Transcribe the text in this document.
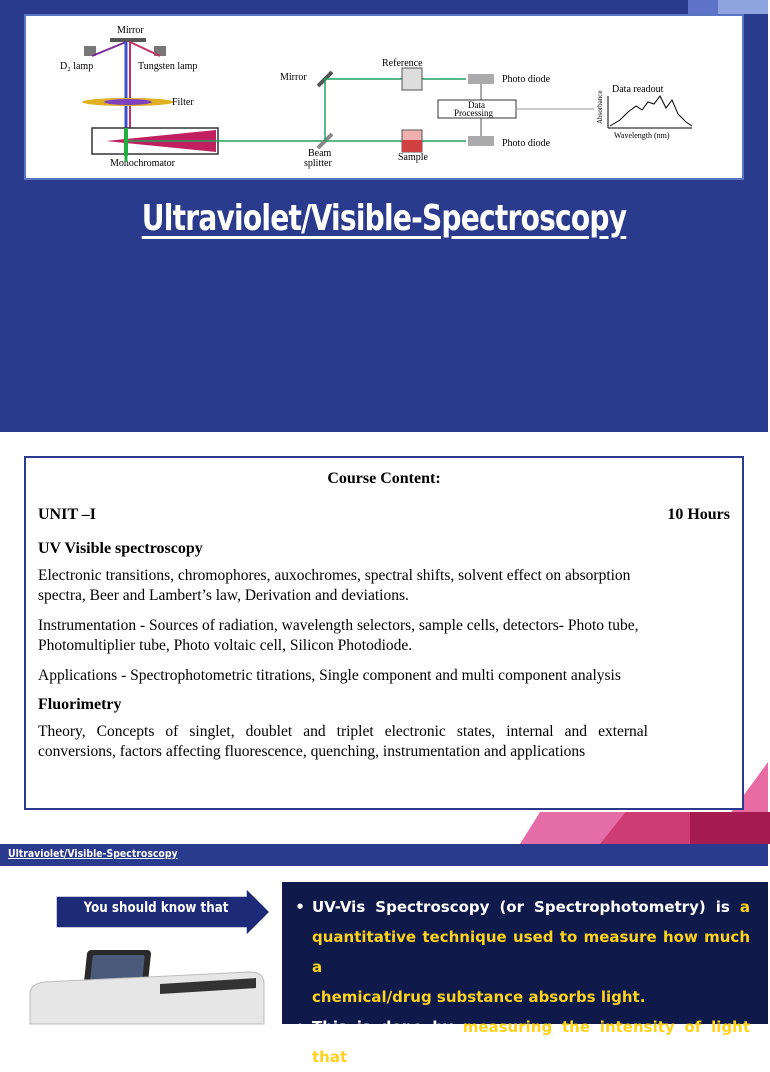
Mirror
D₂ lamp	Tungsten lamp
Filter
Monochromator
Mirror
Beam
splitter
Reference
Sample
Photo diode
Photo diode
Data
Processing
Data readout
Absorbance
Wavelength (nm)
Ultraviolet/Visible-Spectroscopy
Course Content:
UNIT –I	10 Hours
UV Visible spectroscopy

Electronic transitions, chromophores, auxochromes, spectral shifts, solvent effect on absorption spectra, Beer and Lambert’s law, Derivation and deviations.

Instrumentation - Sources of radiation, wavelength selectors, sample cells, detectors- Photo tube, Photomultiplier tube, Photo voltaic cell, Silicon Photodiode.

Applications - Spectrophotometric titrations, Single component and multi component analysis

Fluorimetry

Theory, Concepts of singlet, doublet and triplet electronic states, internal and external conversions, factors affecting fluorescence, quenching, instrumentation and applications

Ultraviolet/Visible-Spectroscopy
You should know that	• UV-Vis Spectroscopy (or Spectrophotometry) is a
quantitative technique used to measure how much a
chemical/drug substance absorbs light.
• This is done by measuring the intensity of light that
